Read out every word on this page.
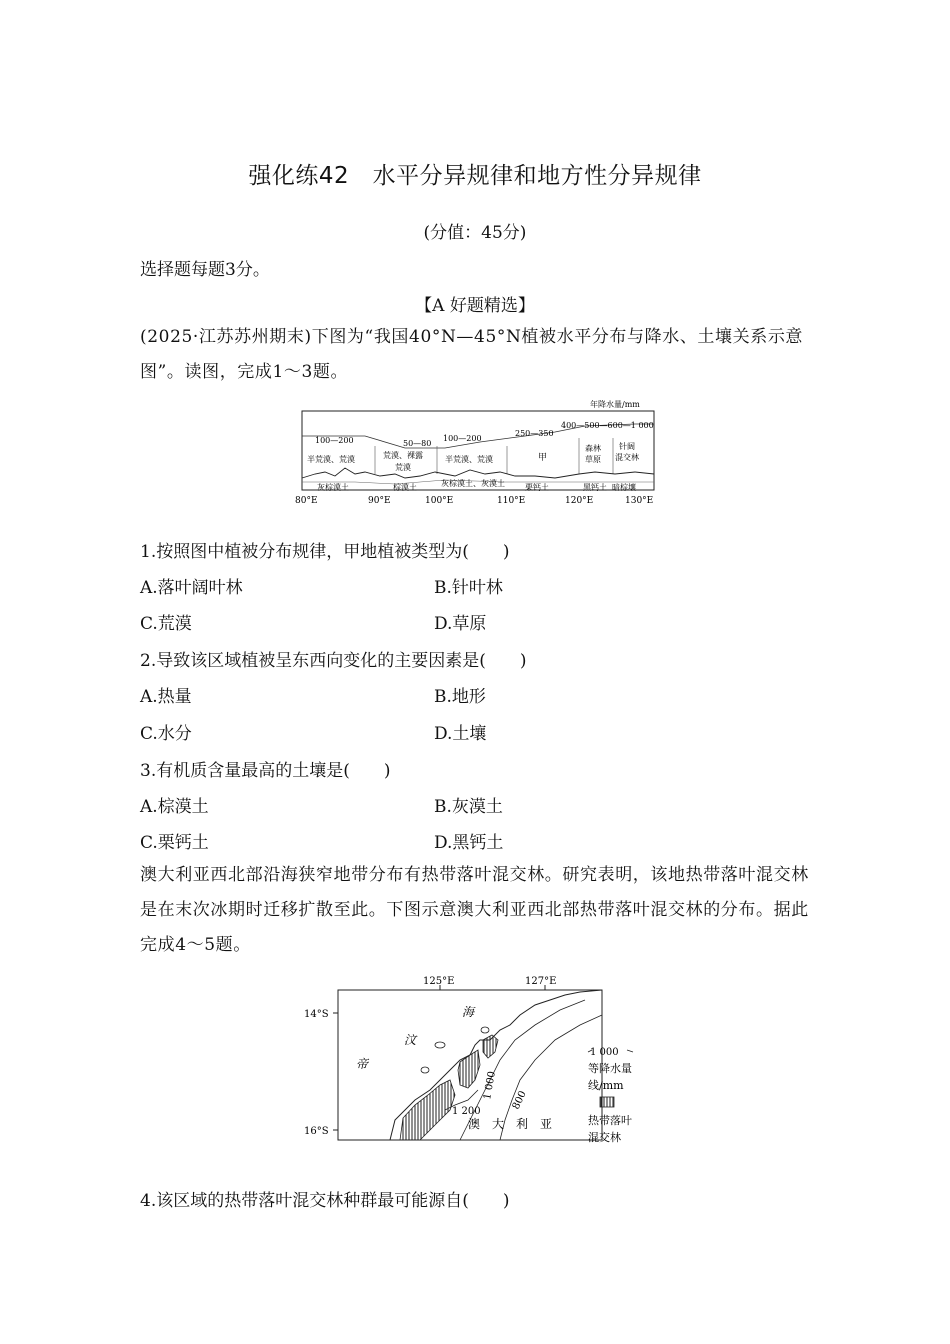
强化练42　水平分异规律和地方性分异规律
(分值：45分)
选择题每题3分。
【A 好题精选】
(2025·江苏苏州期末)下图为“我国40°N—45°N植被水平分布与降水、土壤关系示意图”。读图，完成1～3题。
年降水量/mm
100—200	50—80
100—200
250—350
400—500—600—1 000
半荒漠、荒漠	荒漠、裸露
荒漠
半荒漠、荒漠	甲
森林
草原
针阔
混交林
灰棕漠土	棕漠土	灰棕漠土、灰漠土	栗钙土	黑钙土 暗棕壤
80°E	90°E	100°E	110°E	120°E	130°E
1.按照图中植被分布规律，甲地植被类型为(　　)
A.落叶阔叶林	B.针叶林
C.荒漠	D.草原
2.导致该区域植被呈东西向变化的主要因素是(　　)
A.热量	B.地形
C.水分	D.土壤
3.有机质含量最高的土壤是(　　)
A.棕漠土	B.灰漠土
C.栗钙土	D.黑钙土
澳大利亚西北部沿海狭窄地带分布有热带落叶混交林。研究表明，该地热带落叶混交林是在末次冰期时迁移扩散至此。下图示意澳大利亚西北部热带落叶混交林的分布。据此完成4～5题。
125°E	127°E
14°S
16°S
1 000 800
1 200
海
汶
帝
澳　大　利　亚
1 000
等降水量
线/mm
热带落叶
混交林
4.该区域的热带落叶混交林种群最可能源自(　　)
